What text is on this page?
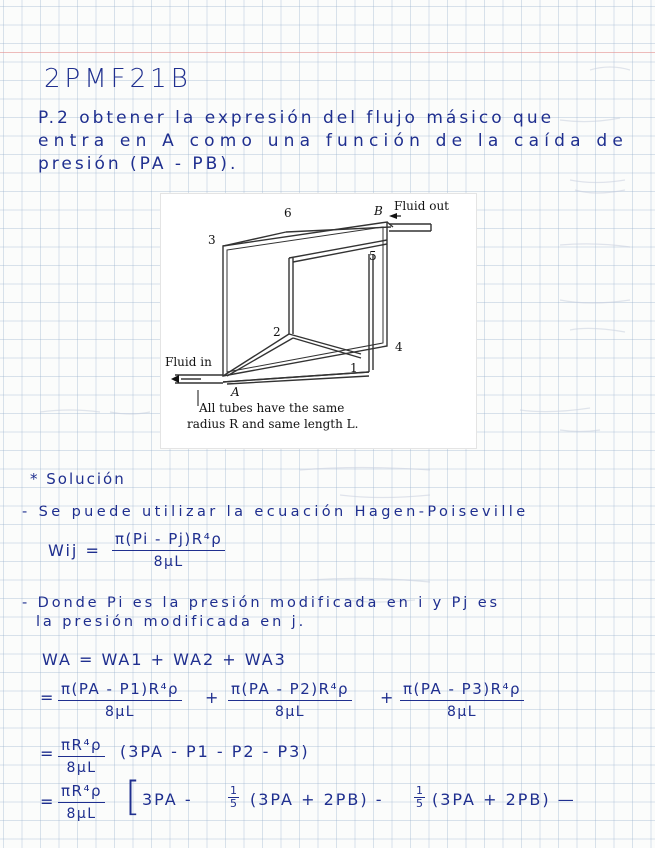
2PMF21B
P.2 obtener la expresión del flujo másico que
entra en A como una función de la caída de
presión (PA - PB).
6	B
3
5
2
4
1
A
Fluid out
Fluid in
All tubes have the same
radius R and same length L.
* Solución
- Se puede utilizar la ecuación Hagen-Poiseville
Wij = $\frac{\text{π(Pi - Pj)R⁴ρ}}{8\mu L}$
- Donde Pi es la presión modificada en i y Pj es
la presión modificada en j.
WA = WA1 + WA2 + WA3
= $\frac{\text{π(PA - P1)R⁴ρ}}{8\mu L} + \frac{\text{π(PA - P2)R⁴ρ}}{8\mu L} + \frac{\text{π(PA - P3)R⁴ρ}}{8\mu L}$
= $\frac{\text{πR⁴ρ}}{8\mu L} (3PA - P1 - P2 - P3)$
= $\frac{\text{πR⁴ρ}}{8\mu L}$ [ 3PA -	$\frac{1}{5} (3PA + 2PB)$ -	$\frac{1}{5} (3PA + 2PB)$ —
